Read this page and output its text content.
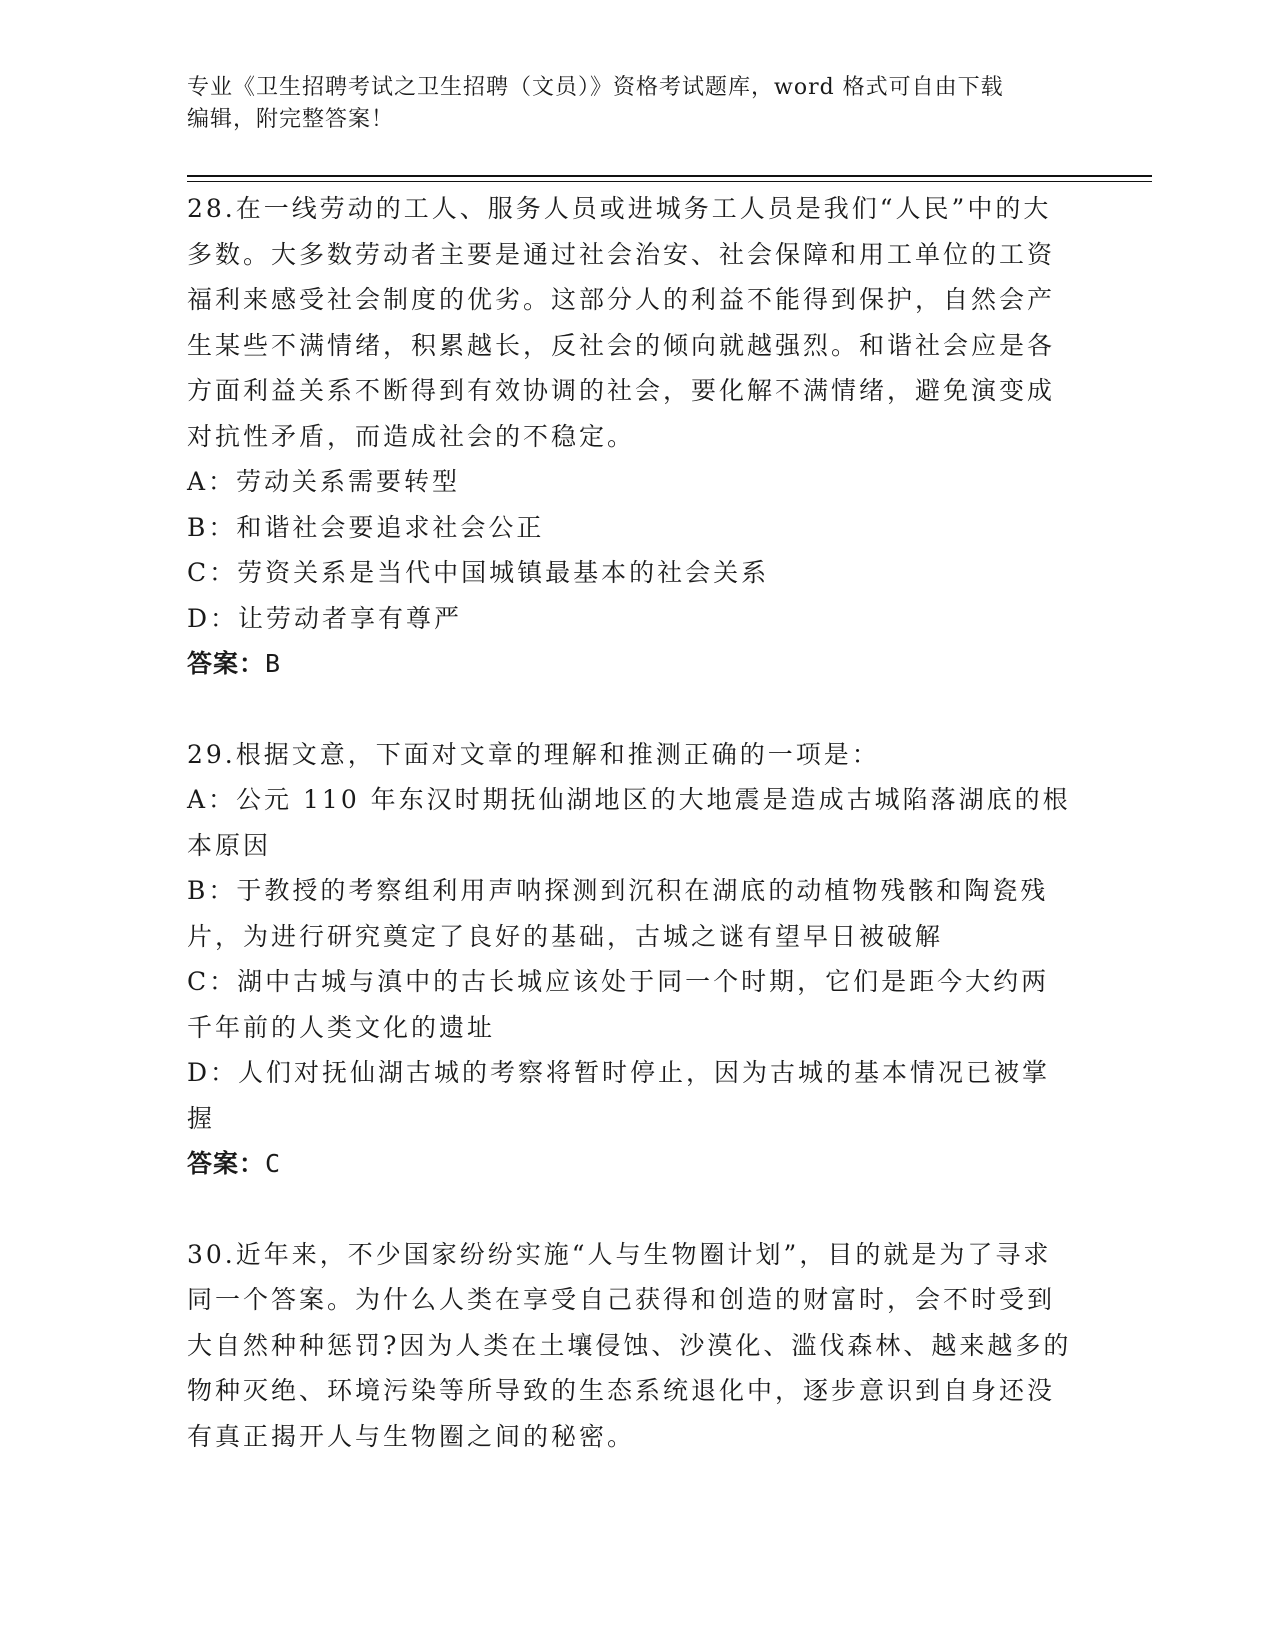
专业《卫生招聘考试之卫生招聘（文员）》资格考试题库，word 格式可自由下载
编辑，附完整答案！

28.在一线劳动的工人、服务人员或进城务工人员是我们“人民”中的大多数。大多数劳动者主要是通过社会治安、社会保障和用工单位的工资福利来感受社会制度的优劣。这部分人的利益不能得到保护，自然会产生某些不满情绪，积累越长，反社会的倾向就越强烈。和谐社会应是各方面利益关系不断得到有效协调的社会，要化解不满情绪，避免演变成对抗性矛盾，而造成社会的不稳定。

A：劳动关系需要转型

B：和谐社会要追求社会公正

C：劳资关系是当代中国城镇最基本的社会关系

D：让劳动者享有尊严

答案：B

29.根据文意，下面对文章的理解和推测正确的一项是：

A：公元 110 年东汉时期抚仙湖地区的大地震是造成古城陷落湖底的根本原因

B：于教授的考察组利用声呐探测到沉积在湖底的动植物残骸和陶瓷残片，为进行研究奠定了良好的基础，古城之谜有望早日被破解

C：湖中古城与滇中的古长城应该处于同一个时期，它们是距今大约两千年前的人类文化的遗址

D：人们对抚仙湖古城的考察将暂时停止，因为古城的基本情况已被掌握

答案：C

30.近年来，不少国家纷纷实施“人与生物圈计划”，目的就是为了寻求同一个答案。为什么人类在享受自己获得和创造的财富时，会不时受到大自然种种惩罚?因为人类在土壤侵蚀、沙漠化、滥伐森林、越来越多的物种灭绝、环境污染等所导致的生态系统退化中，逐步意识到自身还没有真正揭开人与生物圈之间的秘密。
